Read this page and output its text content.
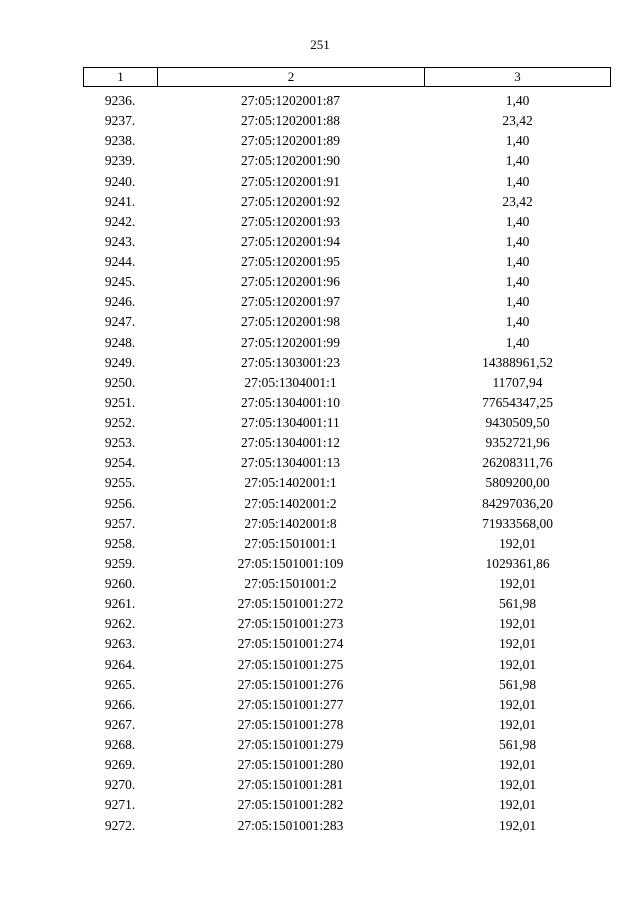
251
1	2	3
9236.	27:05:1202001:87	1,40
9237.	27:05:1202001:88	23,42
9238.	27:05:1202001:89	1,40
9239.	27:05:1202001:90	1,40
9240.	27:05:1202001:91	1,40
9241.	27:05:1202001:92	23,42
9242.	27:05:1202001:93	1,40
9243.	27:05:1202001:94	1,40
9244.	27:05:1202001:95	1,40
9245.	27:05:1202001:96	1,40
9246.	27:05:1202001:97	1,40
9247.	27:05:1202001:98	1,40
9248.	27:05:1202001:99	1,40
9249.	27:05:1303001:23	14388961,52
9250.	27:05:1304001:1	11707,94
9251.	27:05:1304001:10	77654347,25
9252.	27:05:1304001:11	9430509,50
9253.	27:05:1304001:12	9352721,96
9254.	27:05:1304001:13	26208311,76
9255.	27:05:1402001:1	5809200,00
9256.	27:05:1402001:2	84297036,20
9257.	27:05:1402001:8	71933568,00
9258.	27:05:1501001:1	192,01
9259.	27:05:1501001:109	1029361,86
9260.	27:05:1501001:2	192,01
9261.	27:05:1501001:272	561,98
9262.	27:05:1501001:273	192,01
9263.	27:05:1501001:274	192,01
9264.	27:05:1501001:275	192,01
9265.	27:05:1501001:276	561,98
9266.	27:05:1501001:277	192,01
9267.	27:05:1501001:278	192,01
9268.	27:05:1501001:279	561,98
9269.	27:05:1501001:280	192,01
9270.	27:05:1501001:281	192,01
9271.	27:05:1501001:282	192,01
9272.	27:05:1501001:283	192,01
